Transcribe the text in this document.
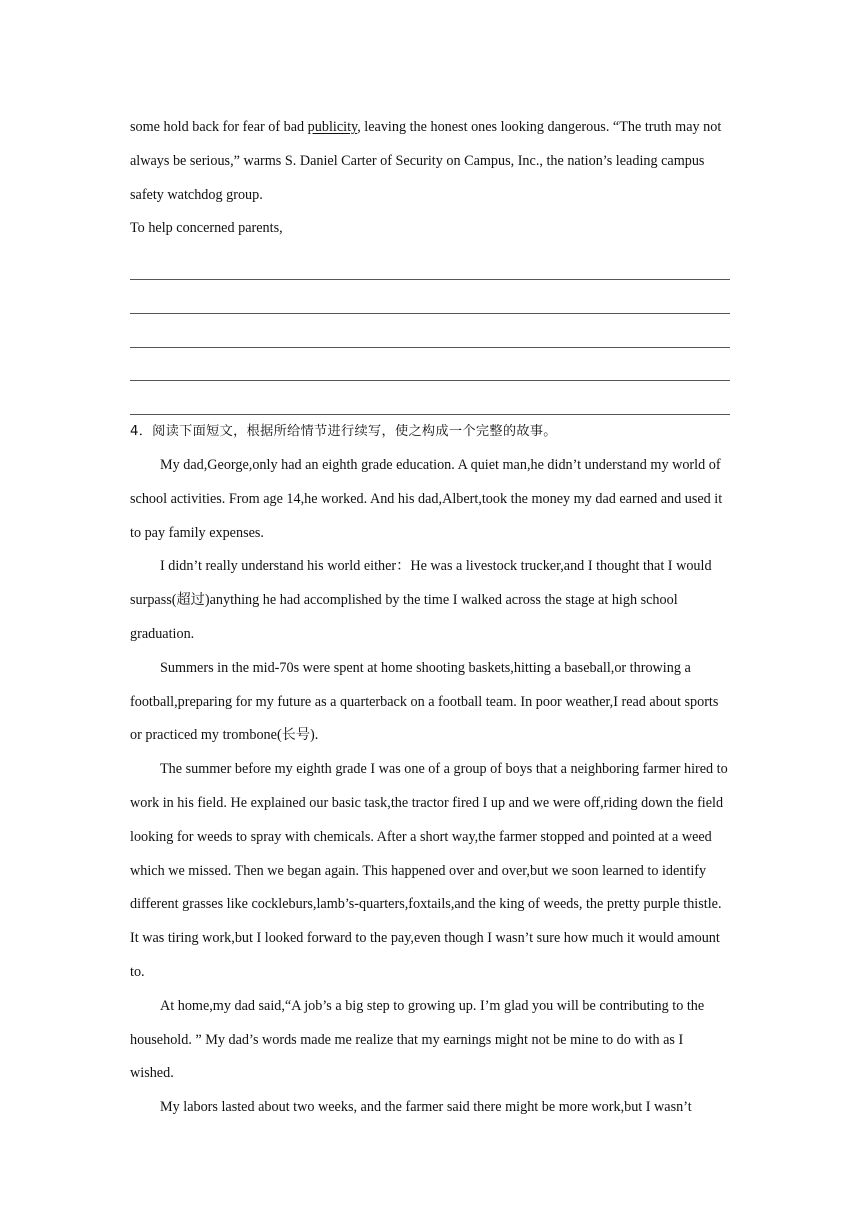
some hold back for fear of bad publicity, leaving the honest ones looking dangerous. “The truth may not always be serious,” warms S. Daniel Carter of Security on Campus, Inc., the nation’s leading campus safety watchdog group.

To help concerned parents,

4．阅读下面短文，根据所给情节进行续写，使之构成一个完整的故事。

My dad,George,only had an eighth grade education. A quiet man,he didn’t understand my world of school activities. From age 14,he worked. And his dad,Albert,took the money my dad earned and used it to pay family expenses.

I didn’t really understand his world either：He was a livestock trucker,and I thought that I would surpass(超过)anything he had accomplished by the time I walked across the stage at high school graduation.

Summers in the mid-70s were spent at home shooting baskets,hitting a baseball,or throwing a football,preparing for my future as a quarterback on a football team. In poor weather,I read about sports or practiced my trombone(长号).

The summer before my eighth grade I was one of a group of boys that a neighboring farmer hired to work in his field. He explained our basic task,the tractor fired I up and we were off,riding down the field looking for weeds to spray with chemicals. After a short way,the farmer stopped and pointed at a weed which we missed. Then we began again. This happened over and over,but we soon learned to identify different grasses like cockleburs,lamb’s-quarters,foxtails,and the king of weeds, the pretty purple thistle. It was tiring work,but I looked forward to the pay,even though I wasn’t sure how much it would amount to.

At home,my dad said,“A job’s a big step to growing up. I’m glad you will be contributing to the household. ” My dad’s words made me realize that my earnings might not be mine to do with as I wished.

My labors lasted about two weeks, and the farmer said there might be more work,but I wasn’t
